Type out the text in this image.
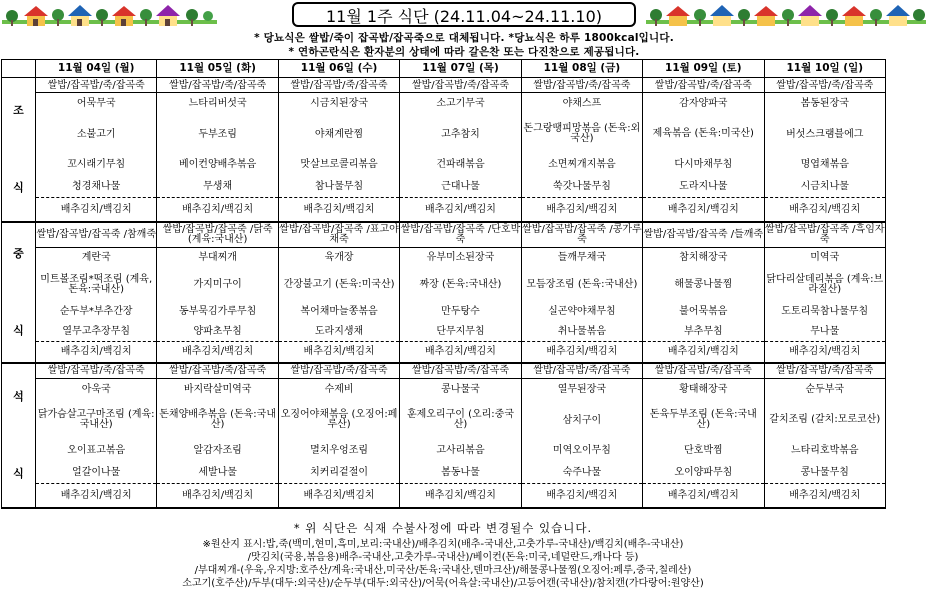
11월 1주 식단 (24.11.04~24.11.10)
* 당뇨식은 쌀밥/죽이 잡곡밥/잡곡죽으로 대체됩니다. *당뇨식은 하루 1800kcal입니다.
* 연하곤란식은 환자분의 상태에 따라 갈은찬 또는 다진찬으로 제공됩니다.
	11월 04일 (월)	11월 05일 (화)	11월 06일 (수)	11월 07일 (목)	11월 08일 (금)	11월 09일 (토)	11월 10일 (일)

조
식	쌀밥/잡곡밥/죽/잡곡죽	쌀밥/잡곡밥/죽/잡곡죽	쌀밥/잡곡밥/죽/잡곡죽	쌀밥/잡곡밥/죽/잡곡죽	쌀밥/잡곡밥/죽/잡곡죽	쌀밥/잡곡밥/죽/잡곡죽	쌀밥/잡곡밥/죽/잡곡죽
	어묵무국	느타리버섯국	시금치된장국	소고기무국	야채스프	감자양파국	봄동된장국
	소불고기	두부조림	야채계란찜	고추참치	돈그랑땡피망볶음 (돈육:외국산)	제육볶음 (돈육:미국산)	버섯스크램블에그
	꼬시래기무침	베이컨양배추볶음	맛살브로콜리볶음	건파래볶음	소면찌개지볶음	다시마채무침	명엽채볶음
	청경채나물	무생채	참나물무침	근대나물	쑥갓나물무침	도라지나물	시금치나물
	배추김치/백김치	배추김치/백김치	배추김치/백김치	배추김치/백김치	배추김치/백김치	배추김치/백김치	배추김치/백김치

중
식	쌀밥/잡곡밥/잡곡죽 /참깨죽	쌀밥/잡곡밥/잡곡죽 /닭죽(계육:국내산)	쌀밥/잡곡밥/잡곡죽 /표고야채죽	쌀밥/잡곡밥/잡곡죽 /단호박죽	쌀밥/잡곡밥/잡곡죽 /콩가루죽	쌀밥/잡곡밥/잡곡죽 /들깨죽	쌀밥/잡곡밥/잡곡죽 /흑임자죽
	계란국	부대찌개	육개장	유부미소된장국	들깨무채국	참치해장국	미역국
	미트볼조림*떡조림 (계육,돈육:국내산)	가지미구이	간장불고기 (돈육:미국산)	짜장 (돈육:국내산)	모듬장조림 (돈육:국내산)	해물콩나물찜	닭다리살데리볶음 (계육:브라질산)
	순두부*부추간장	동부묵김가루무침	복어채마늘쫑볶음	만두탕수	실곤약야채무침	불어묵볶음	도토리묵참나물무침
	열무고추장무침	양파초무침	도라지생채	단무지무침	취나물볶음	부추무침	무나물
	배추김치/백김치	배추김치/백김치	배추김치/백김치	배추김치/백김치	배추김치/백김치	배추김치/백김치	배추김치/백김치

석
식	쌀밥/잡곡밥/죽/잡곡죽	쌀밥/잡곡밥/죽/잡곡죽	쌀밥/잡곡밥/죽/잡곡죽	쌀밥/잡곡밥/죽/잡곡죽	쌀밥/잡곡밥/죽/잡곡죽	쌀밥/잡곡밥/죽/잡곡죽	쌀밥/잡곡밥/죽/잡곡죽
	아욱국	바지락살미역국	수제비	콩나물국	열무된장국	황태해장국	순두부국
	닭가슴살고구마조림 (계육:국내산)	돈채양배추볶음 (돈육:국내산)	오징어야채볶음 (오징어:페루산)	훈제오리구이 (오리:중국산)	삼치구이	돈육두부조림 (돈육:국내산)	갈치조림 (갈치:모로코산)
	오이표고볶음	알감자조림	멸치우엉조림	고사리볶음	미역오이무침	단호박찜	느타리호박볶음
	얼갈이나물	세발나물	치커리겉절이	봄동나물	숙주나물	오이양파무침	콩나물무침
	배추김치/백김치	배추김치/백김치	배추김치/백김치	배추김치/백김치	배추김치/백김치	배추김치/백김치	배추김치/백김치
* 위 식단은 식재 수불사정에 따라 변경될수 있습니다.
※원산지 표시:밥,죽(백미,현미,흑미,보리:국내산)/배추김치(배추-국내산,고춧가루-국내산)/백김치(배추-국내산)
/맛김치(국용,볶음용)배추-국내산,고춧가루-국내산)/베이컨(돈육:미국,네덜란드,캐나다 등)
/부대찌개-(우육,우지방:호주산/계육:국내산,미국산/돈육:국내산,덴마크산)/해물콩나물찜(오징어:페루,중국,칠레산)
소고기(호주산)/두부(대두:외국산)/순두부(대두:외국산)/어묵(어육살:국내산)/고등어캔(국내산)/참치캔(가다랑어:원양산)
